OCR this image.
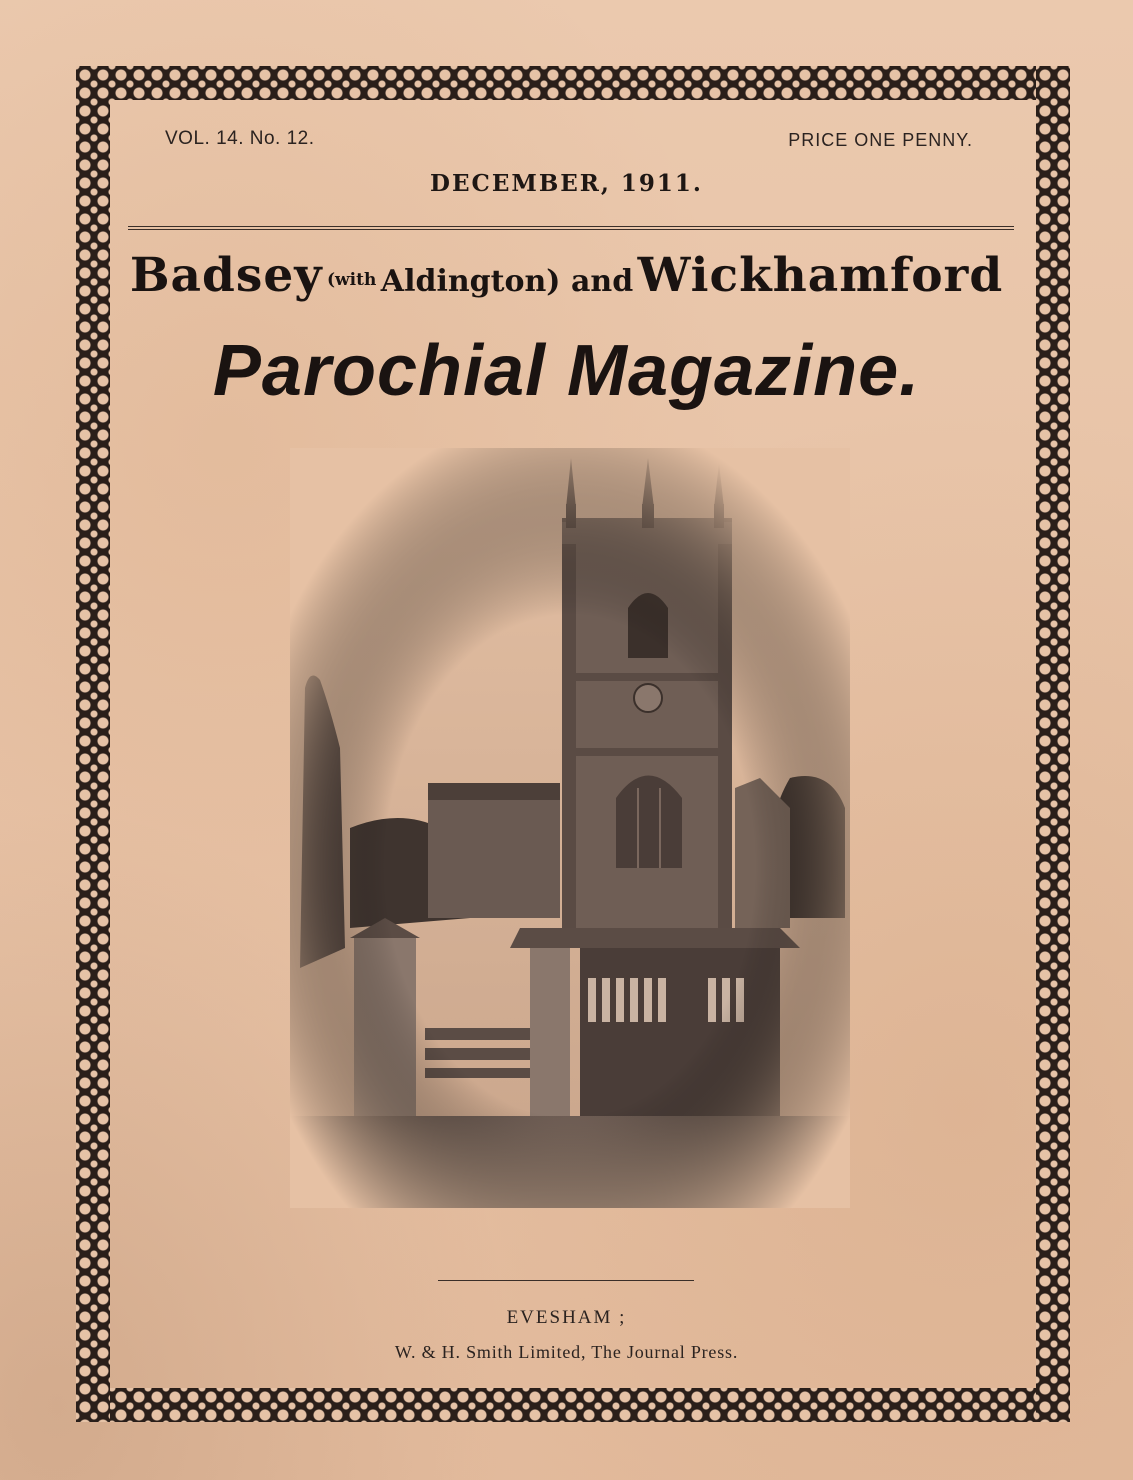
VOL. 14. No. 12.	PRICE ONE PENNY.
DECEMBER, 1911.
Badsey (with Aldington) and Wickhamford
Parochial Magazine.
EVESHAM ;
W. & H. Smith Limited, The Journal Press.
